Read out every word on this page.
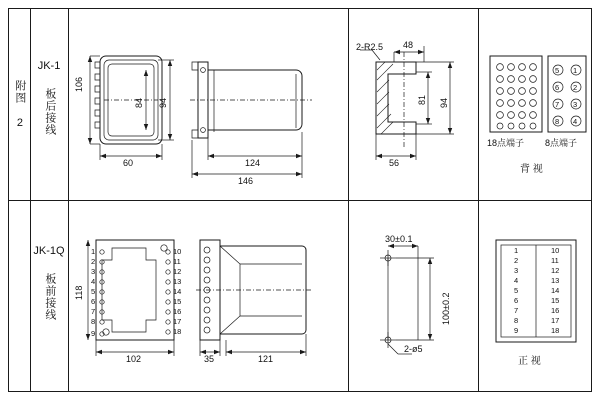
附图 2
JK-1
板后接线
JK-1Q
板前接线
106
84 94
60	124
146
2-R2.5 48
81 94
56
5
6
7
8
1
2
3
4
18点端子 8点端子
背 视
118
102
10
11
12
13
14
15
16
17
18
1
2
3
4
5
6
7
8
9
35	121
30±0.1
100±0.2
2-ø5
1
2
3
4
5
6
7
8
9
10
11
12
13
14
15
16
17
18
正 视
